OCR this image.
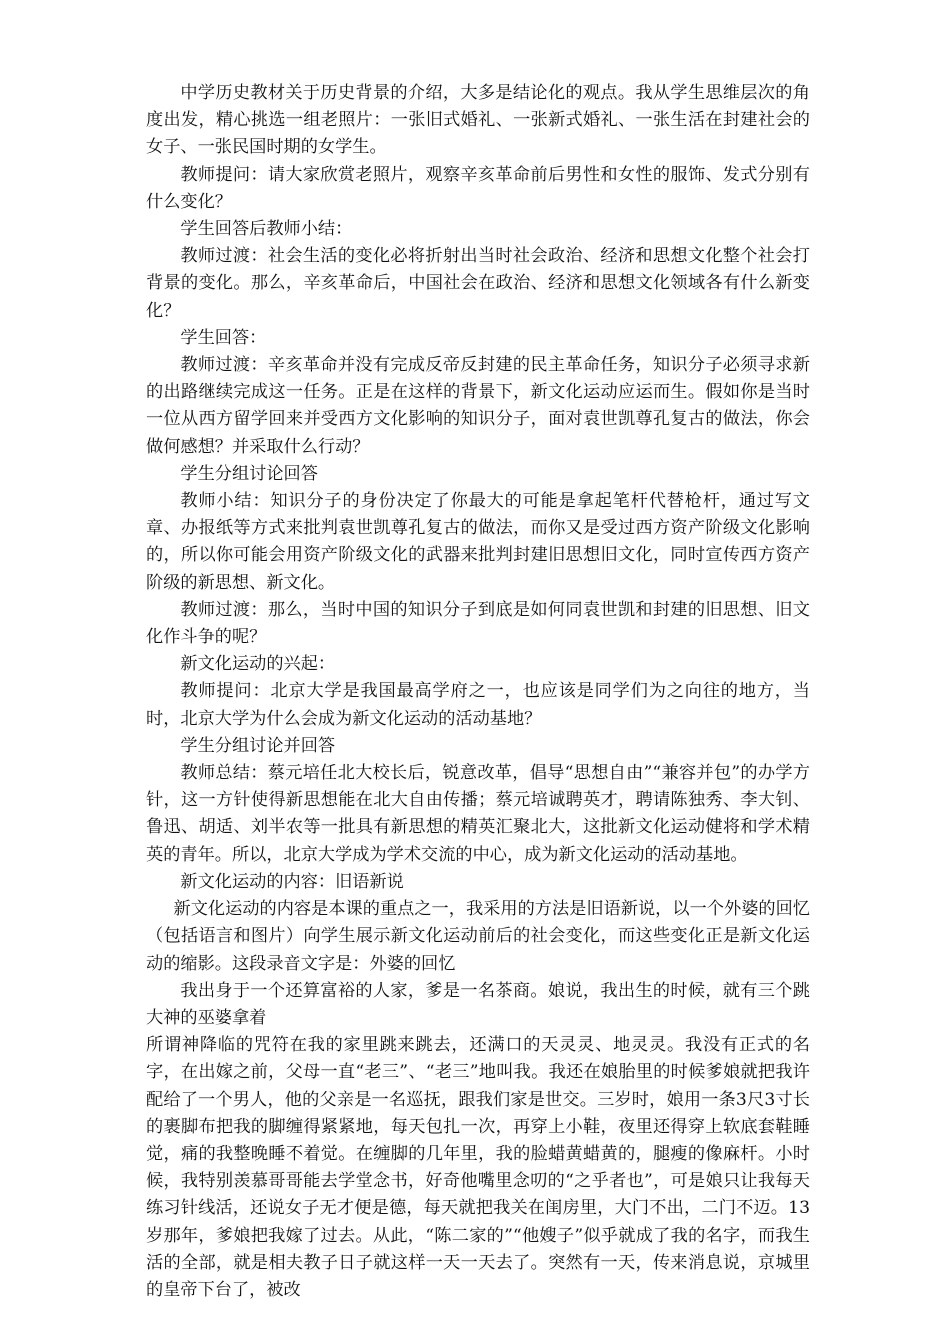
中学历史教材关于历史背景的介绍，大多是结论化的观点。我从学生思维层次的角度出发，精心挑选一组老照片：一张旧式婚礼、一张新式婚礼、一张生活在封建社会的女子、一张民国时期的女学生。

教师提问：请大家欣赏老照片，观察辛亥革命前后男性和女性的服饰、发式分别有什么变化？

学生回答后教师小结：

教师过渡：社会生活的变化必将折射出当时社会政治、经济和思想文化整个社会打背景的变化。那么，辛亥革命后，中国社会在政治、经济和思想文化领域各有什么新变化？

学生回答：

教师过渡：辛亥革命并没有完成反帝反封建的民主革命任务，知识分子必须寻求新的出路继续完成这一任务。正是在这样的背景下，新文化运动应运而生。假如你是当时一位从西方留学回来并受西方文化影响的知识分子，面对袁世凯尊孔复古的做法，你会做何感想？并采取什么行动？

学生分组讨论回答

教师小结：知识分子的身份决定了你最大的可能是拿起笔杆代替枪杆，通过写文章、办报纸等方式来批判袁世凯尊孔复古的做法，而你又是受过西方资产阶级文化影响的，所以你可能会用资产阶级文化的武器来批判封建旧思想旧文化，同时宣传西方资产阶级的新思想、新文化。

教师过渡：那么，当时中国的知识分子到底是如何同袁世凯和封建的旧思想、旧文化作斗争的呢？

新文化运动的兴起：

教师提问：北京大学是我国最高学府之一，也应该是同学们为之向往的地方，当时，北京大学为什么会成为新文化运动的活动基地？

学生分组讨论并回答

教师总结：蔡元培任北大校长后，锐意改革，倡导“思想自由”“兼容并包”的办学方针，这一方针使得新思想能在北大自由传播；蔡元培诚聘英才，聘请陈独秀、李大钊、鲁迅、胡适、刘半农等一批具有新思想的精英汇聚北大，这批新文化运动健将和学术精英的青年。所以，北京大学成为学术交流的中心，成为新文化运动的活动基地。

新文化运动的内容：旧语新说

新文化运动的内容是本课的重点之一，我采用的方法是旧语新说，以一个外婆的回忆（包括语言和图片）向学生展示新文化运动前后的社会变化，而这些变化正是新文化运动的缩影。这段录音文字是：外婆的回忆

我出身于一个还算富裕的人家，爹是一名茶商。娘说，我出生的时候，就有三个跳大神的巫婆拿着

所谓神降临的咒符在我的家里跳来跳去，还满口的天灵灵、地灵灵。我没有正式的名字，在出嫁之前，父母一直“老三”、“老三”地叫我。我还在娘胎里的时候爹娘就把我许配给了一个男人，他的父亲是一名巡抚，跟我们家是世交。三岁时，娘用一条3尺3寸长的裹脚布把我的脚缠得紧紧地，每天包扎一次，再穿上小鞋，夜里还得穿上软底套鞋睡觉，痛的我整晚睡不着觉。在缠脚的几年里，我的脸蜡黄蜡黄的，腿瘦的像麻杆。小时候，我特别羡慕哥哥能去学堂念书，好奇他嘴里念叨的“之乎者也”，可是娘只让我每天练习针线活，还说女子无才便是德，每天就把我关在闺房里，大门不出，二门不迈。13岁那年，爹娘把我嫁了过去。从此，“陈二家的”“他嫂子”似乎就成了我的名字，而我生活的全部，就是相夫教子日子就这样一天一天去了。突然有一天，传来消息说，京城里的皇帝下台了，被改
